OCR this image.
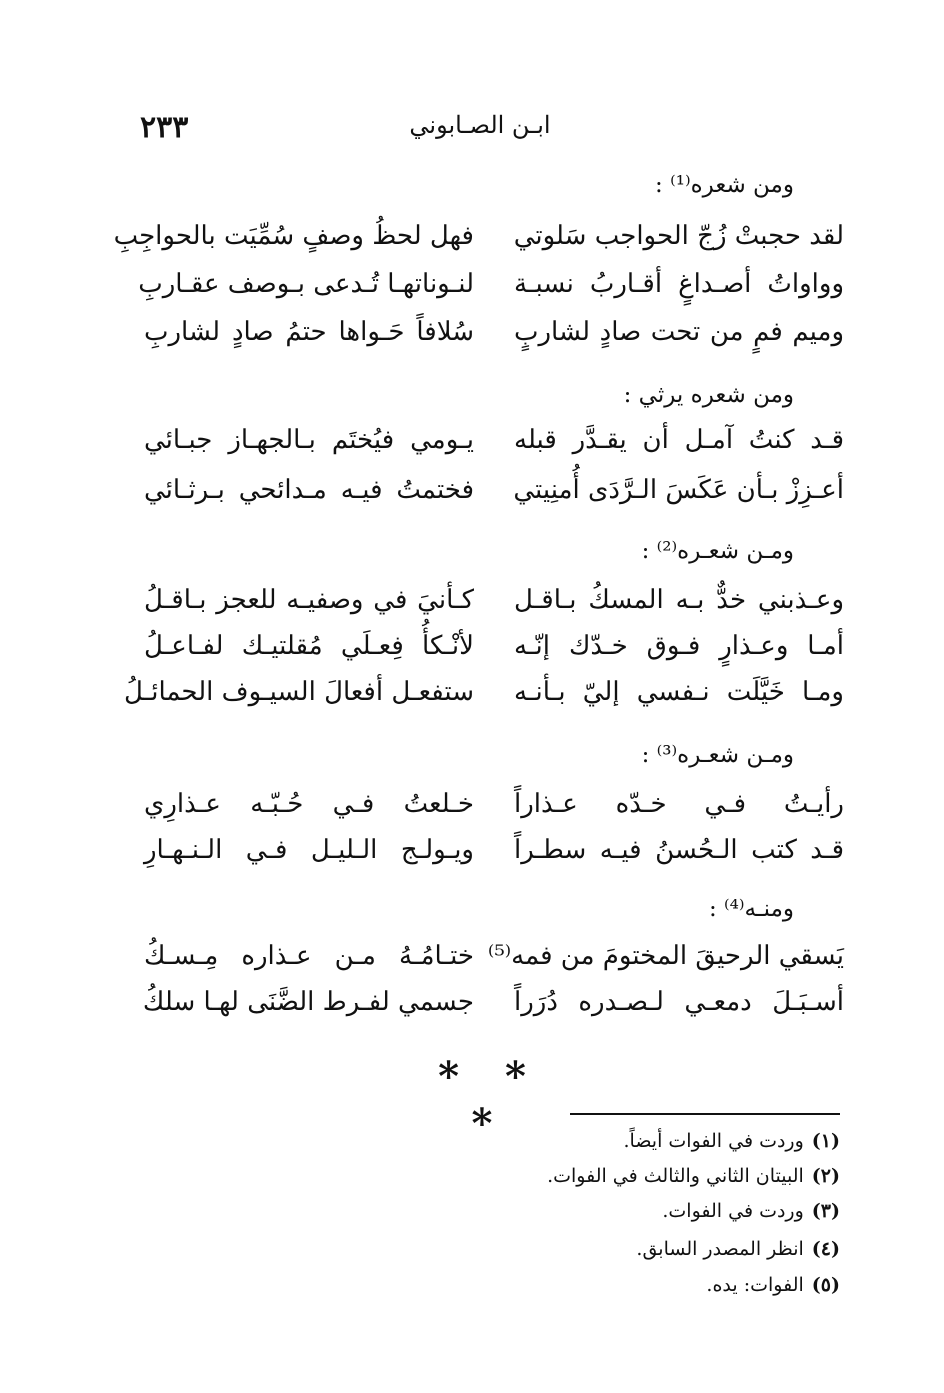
٢٣٣	ابـن الصـابوني
ومن شعره⁽¹⁾ :
لقد حجبتْ زُجّ الحواجب سَلوتي
فهل لحظُ وصفٍ سُمِّيَت بالحواجِبِ
وواواتُ أصـداغٍ أقـاربُ نسبـة
لنـوناتهـا تُـدعى بـوصف عقـاربِ
وميم فمٍ من تحت صادٍ لشاربٍ
سُلافاً حَـواها حتمُ صادٍ لشاربِ
ومن شعره يرثي :
قـد كنتُ آمـل أن يقـدَّر قبله
يـومي فيُختَم بـالجهـاز جبـائي
أعـزِزْ بـأن عَكَسَ الـرَّدَى أُمنِيتي
فختمتُ فيـه مـدائحي بـرثـائي
ومـن شعـره⁽²⁾ :
وعـذبني خدٌّ بـه المسكُ بـاقـل
كـأنيَ في وصفيـه للعجز بـاقـلُ
أمـا وعـذارٍ فـوق خـدّك إنّـه
لأنْـكأُ فِعـلَي مُقلتيـك لفـاعـلُ
ومـا خَيَّلَت نـفسي إليّ بـأنـه
ستفعـل أفعالَ السيـوف الحمائـلُ
ومـن شعـره⁽³⁾ :
رأيـتُ فـي خـدّه عـذاراً
خـلعتُ فـي حُـبّـه عـذارِي
قـد كتب الـحُسنُ فيـه سطـراً
ويـولـج الـليـل فـي الـنـهـارِ
ومنـه⁽⁴⁾ :
يَسقي الرحيقَ المختومَ من فمه⁽⁵⁾
ختـامُـهُ مـن عـذاره مِـسـكُ
أسـبَـلَ دمعـي لـصـدره دُرَراً
جسمي لفـرط الضَّنَى لهـا سلكُ
* * *	(١)وردت في الفوات أيضاً.
(٢)البيتان الثاني والثالث في الفوات.
(٣)وردت في الفوات.
(٤)انظر المصدر السابق.
(٥)الفوات: يده.
